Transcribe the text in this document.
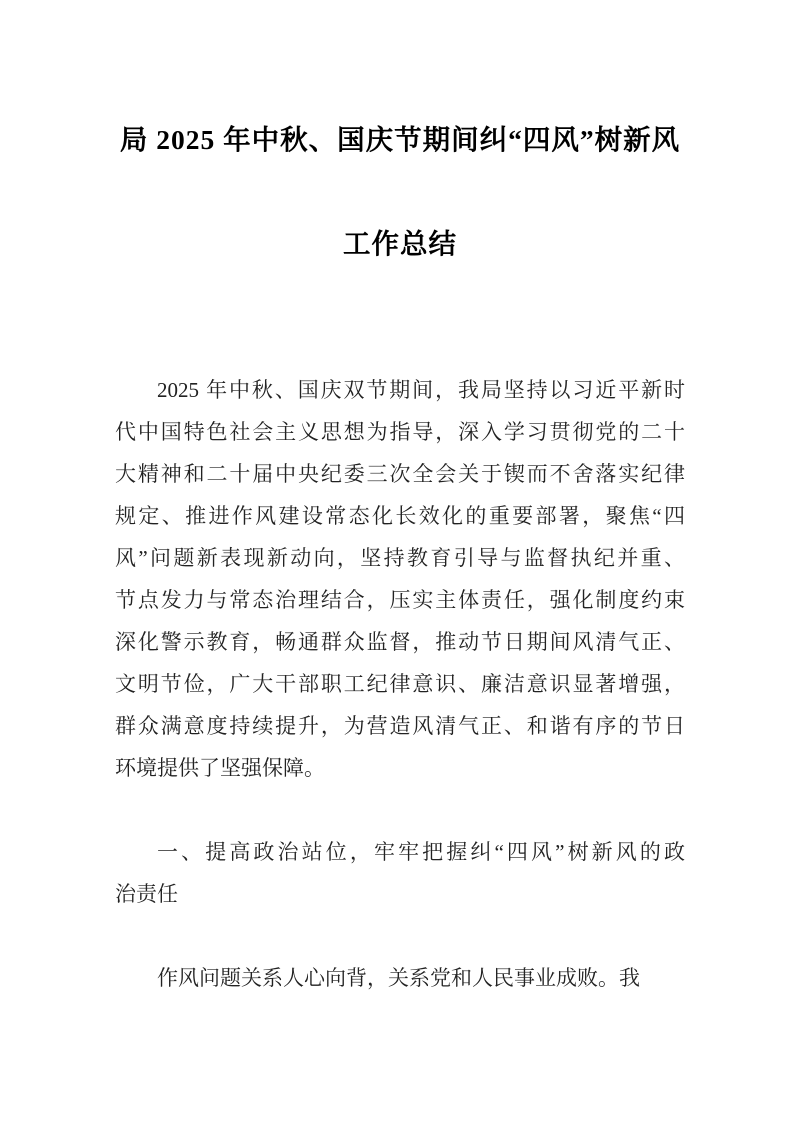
局 2025 年中秋、国庆节期间纠“四风”树新风
工作总结
2025 年中秋、国庆双节期间，我局坚持以习近平新时
代中国特色社会主义思想为指导，深入学习贯彻党的二十
大精神和二十届中央纪委三次全会关于锲而不舍落实纪律
规定、推进作风建设常态化长效化的重要部署，聚焦“四
风”问题新表现新动向，坚持教育引导与监督执纪并重、
节点发力与常态治理结合，压实主体责任，强化制度约束
深化警示教育，畅通群众监督，推动节日期间风清气正、
文明节俭，广大干部职工纪律意识、廉洁意识显著增强，
群众满意度持续提升，为营造风清气正、和谐有序的节日
环境提供了坚强保障。
一、提高政治站位，牢牢把握纠“四风”树新风的政
治责任
作风问题关系人心向背，关系党和人民事业成败。我
